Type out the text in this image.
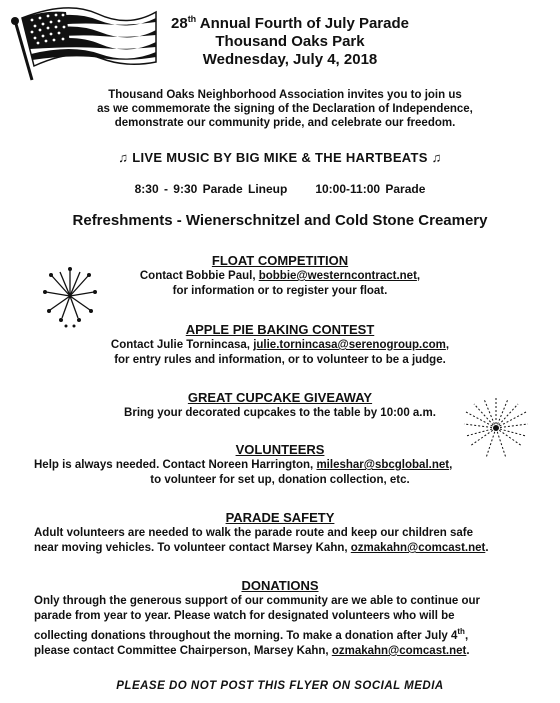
28th Annual Fourth of July Parade
Thousand Oaks Park
Wednesday, July 4, 2018
Thousand Oaks Neighborhood Association invites you to join us
as we commemorate the signing of the Declaration of Independence,
demonstrate our community pride, and celebrate our freedom.
♫ LIVE MUSIC BY BIG MIKE & THE HARTBEATS ♫
8:30 - 9:30 Parade Lineup 10:00-11:00 Parade
Refreshments - Wienerschnitzel and Cold Stone Creamery
FLOAT COMPETITION
Contact Bobbie Paul, bobbie@westerncontract.net,
for information or to register your float.
APPLE PIE BAKING CONTEST
Contact Julie Tornincasa, julie.tornincasa@serenogroup.com,
for entry rules and information, or to volunteer to be a judge.
GREAT CUPCAKE GIVEAWAY
Bring your decorated cupcakes to the table by 10:00 a.m.
VOLUNTEERS
Help is always needed. Contact Noreen Harrington, mileshar@sbcglobal.net,
to volunteer for set up, donation collection, etc.
PARADE SAFETY
Adult volunteers are needed to walk the parade route and keep our children safe
near moving vehicles. To volunteer contact Marsey Kahn, ozmakahn@comcast.net.
DONATIONS
Only through the generous support of our community are we able to continue our
parade from year to year. Please watch for designated volunteers who will be
collecting donations throughout the morning. To make a donation after July 4th,
please contact Committee Chairperson, Marsey Kahn, ozmakahn@comcast.net.
PLEASE DO NOT POST THIS FLYER ON SOCIAL MEDIA
